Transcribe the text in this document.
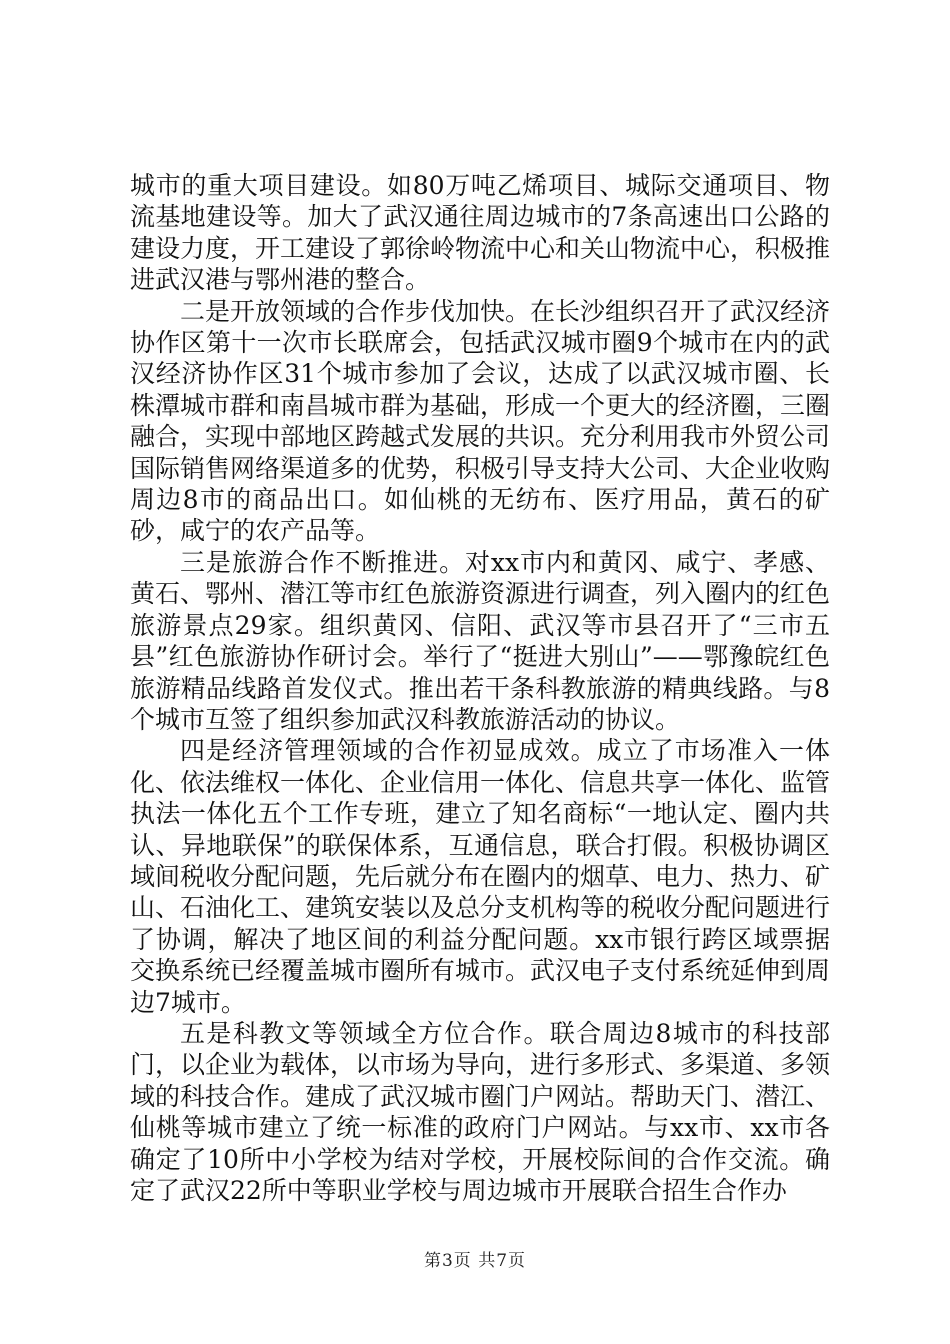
城市的重大项目建设。如80万吨乙烯项目、城际交通项目、物流基地建设等。加大了武汉通往周边城市的7条高速出口公路的建设力度，开工建设了郭徐岭物流中心和关山物流中心，积极推进武汉港与鄂州港的整合。

二是开放领域的合作步伐加快。在长沙组织召开了武汉经济协作区第十一次市长联席会，包括武汉城市圈9个城市在内的武汉经济协作区31个城市参加了会议，达成了以武汉城市圈、长株潭城市群和南昌城市群为基础，形成一个更大的经济圈，三圈融合，实现中部地区跨越式发展的共识。充分利用我市外贸公司国际销售网络渠道多的优势，积极引导支持大公司、大企业收购周边8市的商品出口。如仙桃的无纺布、医疗用品，黄石的矿砂，咸宁的农产品等。

三是旅游合作不断推进。对xx市内和黄冈、咸宁、孝感、黄石、鄂州、潜江等市红色旅游资源进行调查，列入圈内的红色旅游景点29家。组织黄冈、信阳、武汉等市县召开了“三市五县”红色旅游协作研讨会。举行了“挺进大别山”——鄂豫皖红色旅游精品线路首发仪式。推出若干条科教旅游的精典线路。与8个城市互签了组织参加武汉科教旅游活动的协议。

四是经济管理领域的合作初显成效。成立了市场准入一体化、依法维权一体化、企业信用一体化、信息共享一体化、监管执法一体化五个工作专班，建立了知名商标“一地认定、圈内共认、异地联保”的联保体系，互通信息，联合打假。积极协调区域间税收分配问题，先后就分布在圈内的烟草、电力、热力、矿山、石油化工、建筑安装以及总分支机构等的税收分配问题进行了协调，解决了地区间的利益分配问题。xx市银行跨区域票据交换系统已经覆盖城市圈所有城市。武汉电子支付系统延伸到周边7城市。

五是科教文等领域全方位合作。联合周边8城市的科技部门，以企业为载体，以市场为导向，进行多形式、多渠道、多领域的科技合作。建成了武汉城市圈门户网站。帮助天门、潜江、仙桃等城市建立了统一标准的政府门户网站。与xx市、xx市各确定了10所中小学校为结对学校，开展校际间的合作交流。确定了武汉22所中等职业学校与周边城市开展联合招生合作办

第3页 共7页
